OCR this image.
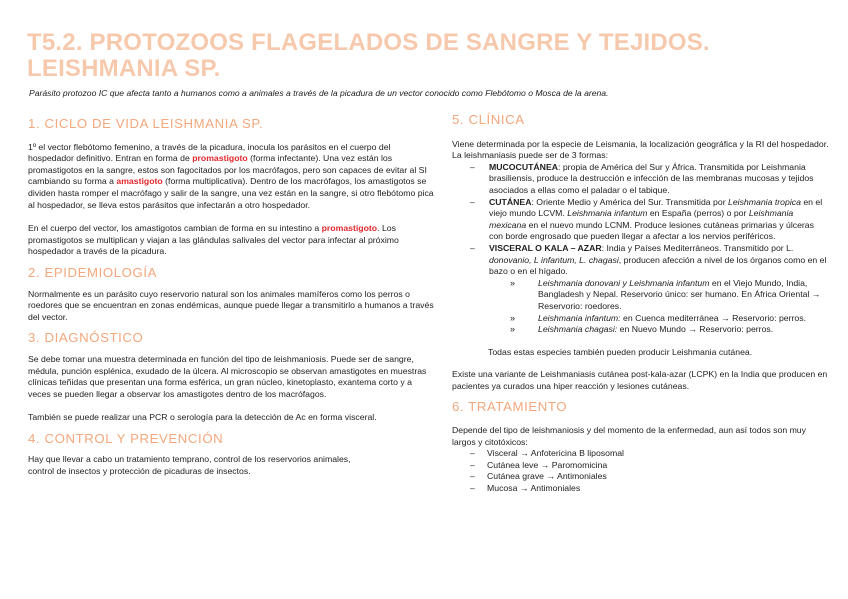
T5.2. PROTOZOOS FLAGELADOS DE SANGRE Y TEJIDOS.
LEISHMANIA SP.
Parásito protozoo IC que afecta tanto a humanos como a animales a través de la picadura de un vector conocido como Flebótomo o Mosca de la arena.
1. CICLO DE VIDA LEISHMANIA SP.

1º el vector flebótomo femenino, a través de la picadura, inocula los parásitos en el cuerpo del hospedador definitivo. Entran en forma de promastigoto (forma infectante). Una vez están los promastigotos en la sangre, estos son fagocitados por los macrófagos, pero son capaces de evitar al SI cambiando su forma a amastigoto (forma multiplicativa). Dentro de los macrófagos, los amastigotos se dividen hasta romper el macrófago y salir de la sangre, una vez están en la sangre, si otro flebótomo pica al hospedador, se lleva estos parásitos que infectarán a otro hospedador.

En el cuerpo del vector, los amastigotos cambian de forma en su intestino a promastigoto. Los promastigotos se multiplican y viajan a las glándulas salivales del vector para infectar al próximo hospedador a través de la picadura.

2. EPIDEMIOLOGÍA

Normalmente es un parásito cuyo reservorio natural son los animales mamíferos como los perros o roedores que se encuentran en zonas endémicas, aunque puede llegar a transmitirlo a humanos a través del vector.

3. DIAGNÓSTICO

Se debe tomar una muestra determinada en función del tipo de leishmaniosis. Puede ser de sangre, médula, punción esplénica, exudado de la úlcera. Al microscopio se observan amastigotes en muestras clínicas teñidas que presentan una forma esférica, un gran núcleo, kinetoplasto, exantema corto y a veces se pueden llegar a observar los amastigotes dentro de los macrófagos.

También se puede realizar una PCR o serología para la detección de Ac en forma visceral.

4. CONTROL Y PREVENCIÓN

Hay que llevar a cabo un tratamiento temprano, control de los reservorios animales, control de insectos y protección de picaduras de insectos.

5. CLÍNICA

Viene determinada por la especie de Leismania, la localización geográfica y la RI del hospedador. La leishmaniasis puede ser de 3 formas:

– MUCOCUTÁNEA: propia de América del Sur y África. Transmitida por Leishmania brasiliensis, produce la destrucción e infección de las membranas mucosas y tejidos asociados a ellas como el paladar o el tabique.
– CUTÁNEA: Oriente Medio y América del Sur. Transmitida por Leishmania tropica en el viejo mundo LCVM. Leishmania infantum en España (perros) o por Leishmania mexicana en el nuevo mundo LCNM. Produce lesiones cutáneas primarias y úlceras con borde engrosado que pueden llegar a afectar a los nervios periféricos.
– VISCERAL O KALA – AZAR: India y Países Mediterráneos. Transmitido por L. donovanio, L infantum, L. chagasi, producen afección a nivel de los órganos como en el bazo o en el hígado.
» Leishmania donovani y Leishmania infantum en el Viejo Mundo, India, Bangladesh y Nepal. Reservorio único: ser humano. En África Oriental → Reservorio: roedores.
» Leishmania infantum: en Cuenca mediterránea → Reservorio: perros.
» Leishmania chagasi: en Nuevo Mundo → Reservorio: perros.

Todas estas especies también pueden producir Leishmania cutánea.

Existe una variante de Leishmaniasis cutánea post-kala-azar (LCPK) en la India que producen en pacientes ya curados una hiper reacción y lesiones cutáneas.

6. TRATAMIENTO

Depende del tipo de leishmaniosis y del momento de la enfermedad, aun así todos son muy largos y citotóxicos:

– Visceral → Anfotericina B liposomal
– Cutánea leve → Paromomicina
– Cutánea grave → Antimoniales
– Mucosa → Antimoniales
